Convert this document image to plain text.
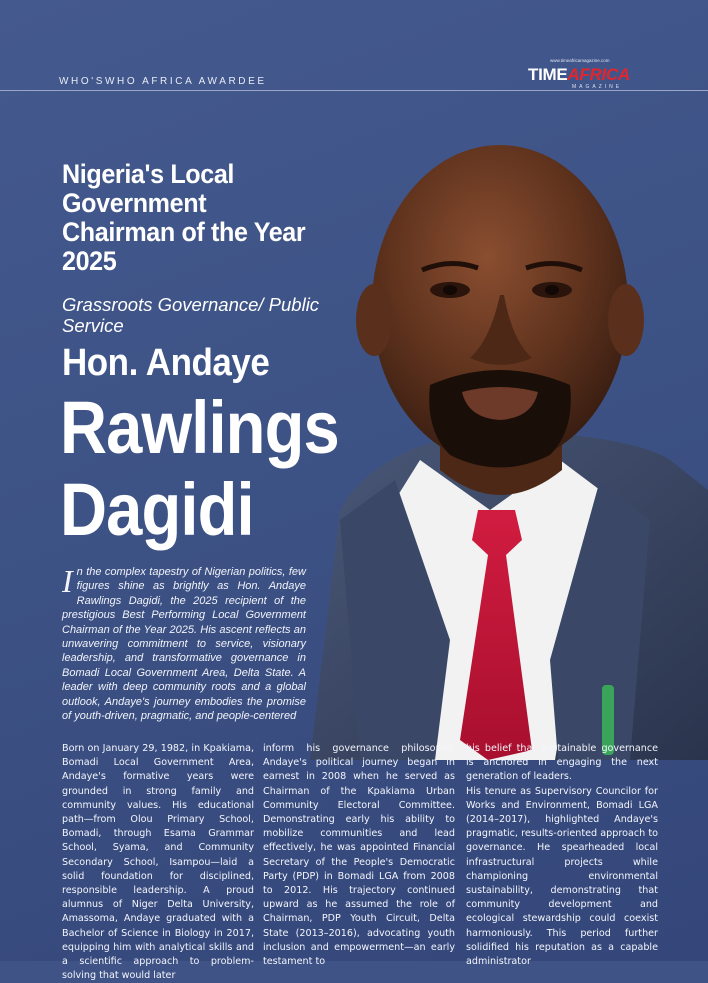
WHO'SWHO AFRICA AWARDEE
www.timeafricamagazine.com
TIMEAFRICA
MAGAZINE
Nigeria's Local Government Chairman of the Year 2025
Grassroots Governance/ Public Service
Hon. Andaye
Rawlings
Dagidi
In the complex tapestry of Nigerian politics, few figures shine as brightly as Hon. Andaye Rawlings Dagidi, the 2025 recipient of the prestigious Best Performing Local Government Chairman of the Year 2025. His ascent reflects an unwavering commitment to service, visionary leadership, and transformative governance in Bomadi Local Government Area, Delta State. A leader with deep community roots and a global outlook, Andaye's journey embodies the promise of youth-driven, pragmatic, and people-centered

Born on January 29, 1982, in Kpakiama, Bomadi Local Government Area, Andaye's formative years were grounded in strong family and community values. His educational path—from Olou Primary School, Bomadi, through Esama Grammar School, Syama, and Community Secondary School, Isampou—laid a solid foundation for disciplined, responsible leadership. A proud alumnus of Niger Delta University, Amassoma, Andaye graduated with a Bachelor of Science in Biology in 2017, equipping him with analytical skills and a scientific approach to problem-solving that would later

inform his governance philosophy. Andaye's political journey began in earnest in 2008 when he served as Chairman of the Kpakiama Urban Community Electoral Committee. Demonstrating early his ability to mobilize communities and lead effectively, he was appointed Financial Secretary of the People's Democratic Party (PDP) in Bomadi LGA from 2008 to 2012. His trajectory continued upward as he assumed the role of Chairman, PDP Youth Circuit, Delta State (2013–2016), advocating youth inclusion and empowerment—an early testament to

his belief that sustainable governance is anchored in engaging the next generation of leaders.

His tenure as Supervisory Councilor for Works and Environment, Bomadi LGA (2014–2017), highlighted Andaye's pragmatic, results-oriented approach to governance. He spearheaded local infrastructural projects while championing environmental sustainability, demonstrating that community development and ecological stewardship could coexist harmoniously. This period further solidified his reputation as a capable administrator
